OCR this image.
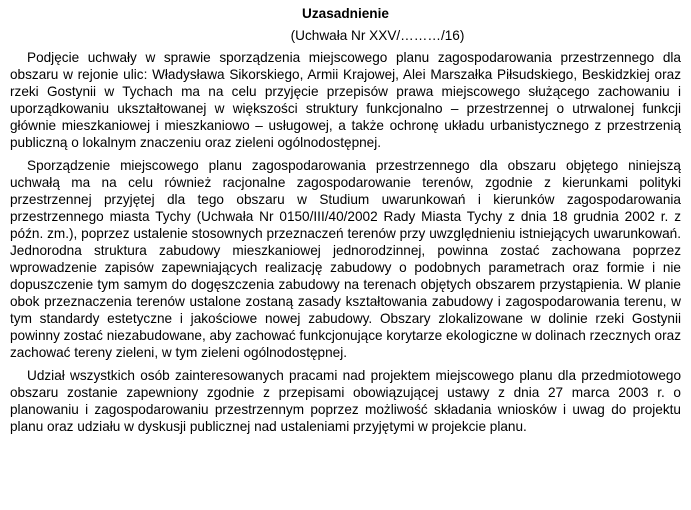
Uzasadnienie
(Uchwała Nr XXV/………/16)

Podjęcie uchwały w sprawie sporządzenia miejscowego planu zagospodarowania przestrzennego dla obszaru w rejonie ulic: Władysława Sikorskiego, Armii Krajowej, Alei Marszałka Piłsudskiego, Beskidzkiej oraz rzeki Gostynii w Tychach ma na celu przyjęcie przepisów prawa miejscowego służącego zachowaniu i uporządkowaniu ukształtowanej w większości struktury funkcjonalno – przestrzennej o utrwalonej funkcji głównie mieszkaniowej i mieszkaniowo – usługowej, a także ochronę układu urbanistycznego z przestrzenią publiczną o lokalnym znaczeniu oraz zieleni ogólnodostępnej.

Sporządzenie miejscowego planu zagospodarowania przestrzennego dla obszaru objętego niniejszą uchwałą ma na celu również racjonalne zagospodarowanie terenów, zgodnie z kierunkami polityki przestrzennej przyjętej dla tego obszaru w Studium uwarunkowań i kierunków zagospodarowania przestrzennego miasta Tychy (Uchwała Nr 0150/III/40/2002 Rady Miasta Tychy z dnia 18 grudnia 2002 r. z późn. zm.), poprzez ustalenie stosownych przeznaczeń terenów przy uwzględnieniu istniejących uwarunkowań. Jednorodna struktura zabudowy mieszkaniowej jednorodzinnej, powinna zostać zachowana poprzez wprowadzenie zapisów zapewniających realizację zabudowy o podobnych parametrach oraz formie i nie dopuszczenie tym samym do dogęszczenia zabudowy na terenach objętych obszarem przystąpienia. W planie obok przeznaczenia terenów ustalone zostaną zasady kształtowania zabudowy i zagospodarowania terenu, w tym standardy estetyczne i jakościowe nowej zabudowy. Obszary zlokalizowane w dolinie rzeki Gostynii powinny zostać niezabudowane, aby zachować funkcjonujące korytarze ekologiczne w dolinach rzecznych oraz zachować tereny zieleni, w tym zieleni ogólnodostępnej.

Udział wszystkich osób zainteresowanych pracami nad projektem miejscowego planu dla przedmiotowego obszaru zostanie zapewniony zgodnie z przepisami obowiązującej ustawy z dnia 27 marca 2003 r. o planowaniu i zagospodarowaniu przestrzennym poprzez możliwość składania wniosków i uwag do projektu planu oraz udziału w dyskusji publicznej nad ustaleniami przyjętymi w projekcie planu.
